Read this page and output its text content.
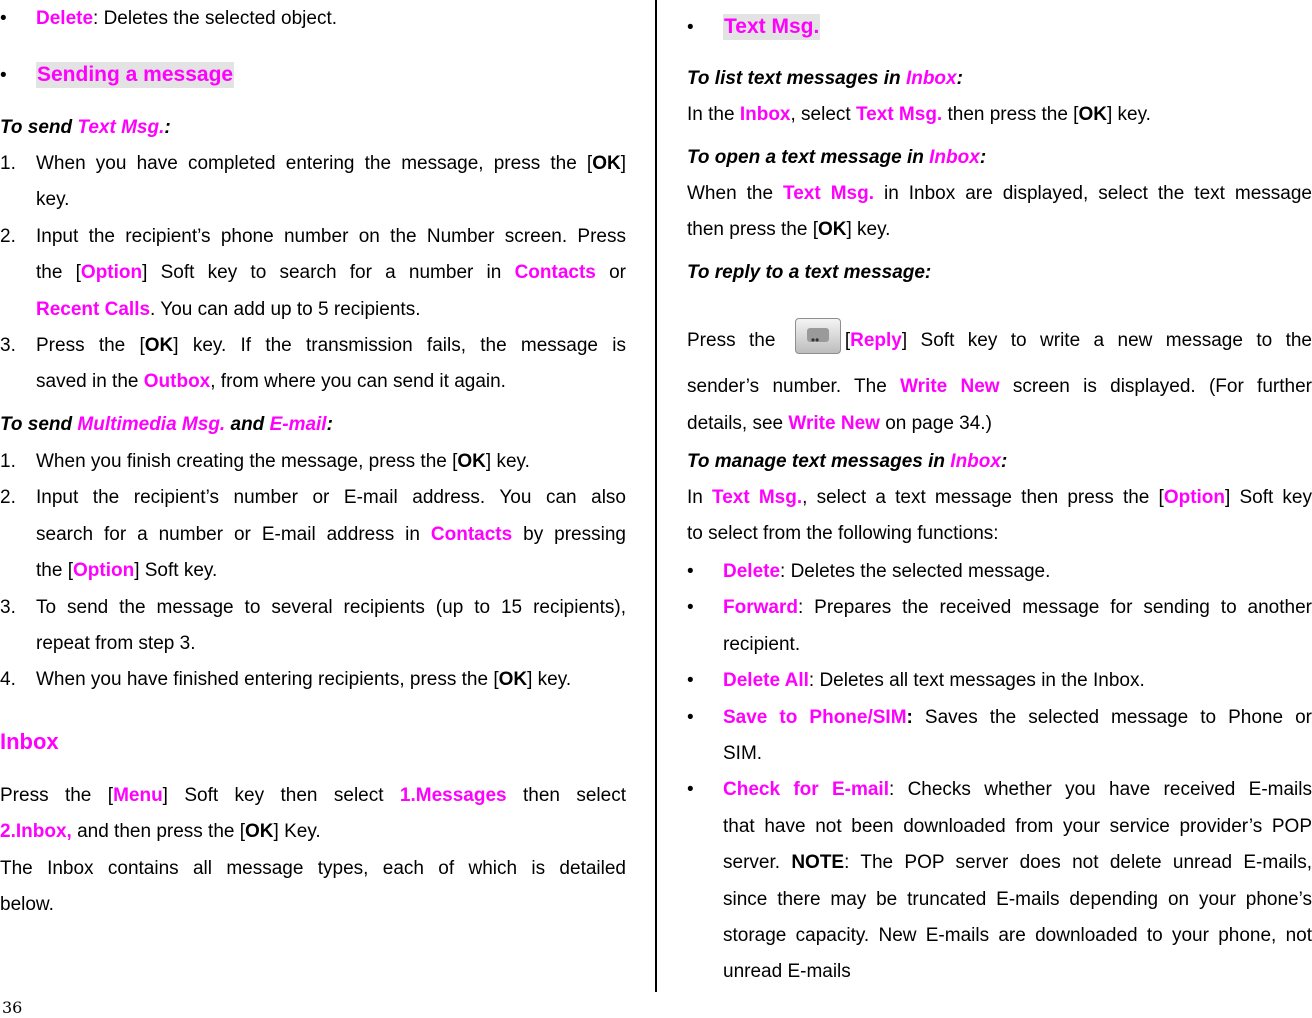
• Delete: Deletes the selected object.

• Sending a message

To send Text Msg.:

1. When you have completed entering the message, press the [OK]

key.

2. Input the recipient’s phone number on the Number screen. Press

the [Option] Soft key to search for a number in Contacts or

Recent Calls. You can add up to 5 recipients.

3. Press the [OK] key. If the transmission fails, the message is

saved in the Outbox, from where you can send it again.

To send Multimedia Msg. and E-mail:

1. When you finish creating the message, press the [OK] key.

2. Input the recipient’s number or E-mail address. You can also

search for a number or E-mail address in Contacts by pressing

the [Option] Soft key.

3. To send the message to several recipients (up to 15 recipients),

repeat from step 3.

4. When you have finished entering recipients, press the [OK] key.

Inbox

Press the [Menu] Soft key then select 1.Messages then select

2.Inbox, and then press the [OK] Key.

The Inbox contains all message types, each of which is detailed

below.

• Text Msg.

To list text messages in Inbox:

In the Inbox, select Text Msg. then press the [OK] key.

To open a text message in Inbox:

When the Text Msg. in Inbox are displayed, select the text message

then press the [OK] key.

To reply to a text message:

Press the
••	[Reply] Soft key to write a new message to the

sender’s number. The Write New screen is displayed. (For further

details, see Write New on page 34.)

To manage text messages in Inbox:

In Text Msg., select a text message then press the [Option] Soft key

to select from the following functions:

• Delete: Deletes the selected message.

• Forward: Prepares the received message for sending to another

recipient.

• Delete All: Deletes all text messages in the Inbox.

• Save to Phone/SIM: Saves the selected message to Phone or

SIM.

• Check for E-mail: Checks whether you have received E-mails

that have not been downloaded from your service provider’s POP

server. NOTE: The POP server does not delete unread E-mails,

since there may be truncated E-mails depending on your phone’s

storage capacity. New E-mails are downloaded to your phone, not

unread E-mails

36
